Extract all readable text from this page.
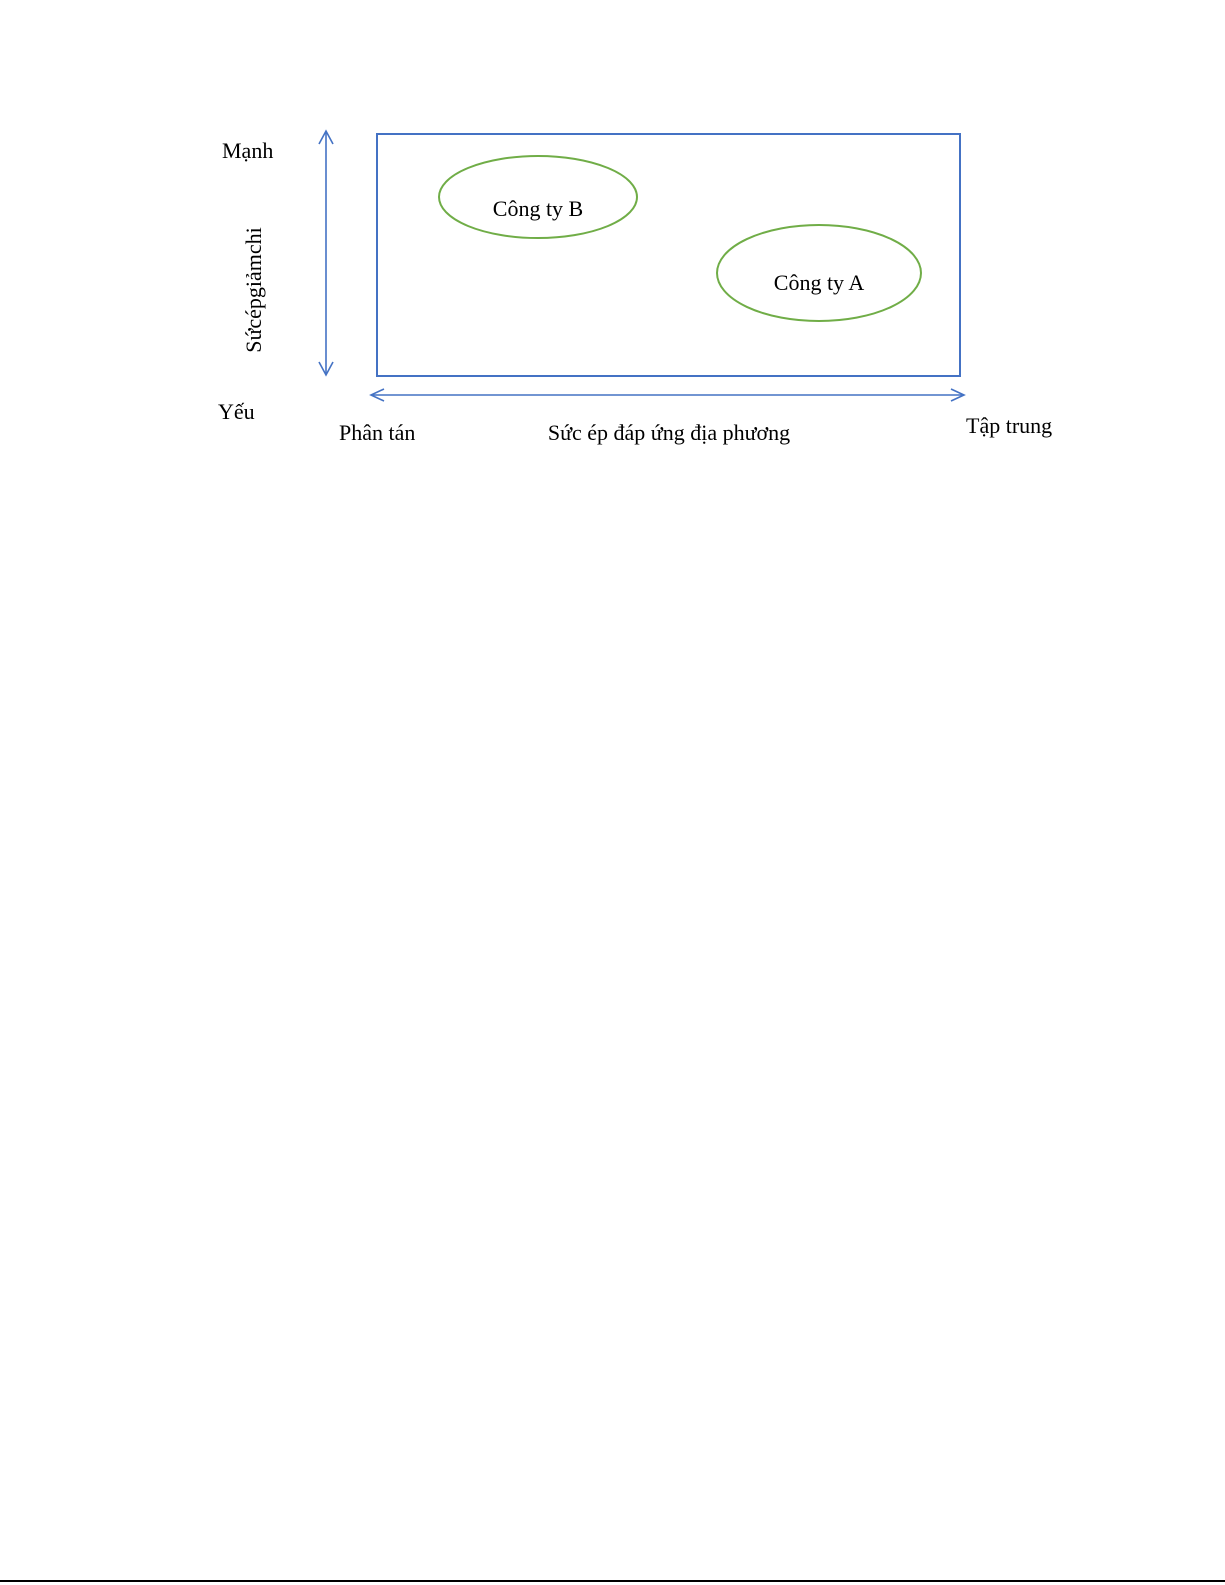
Công ty B
Công ty A
Mạnh
Yếu
Sứcépgiảmchi
Phân tán	Sức ép đáp ứng địa phương	Tập trung
